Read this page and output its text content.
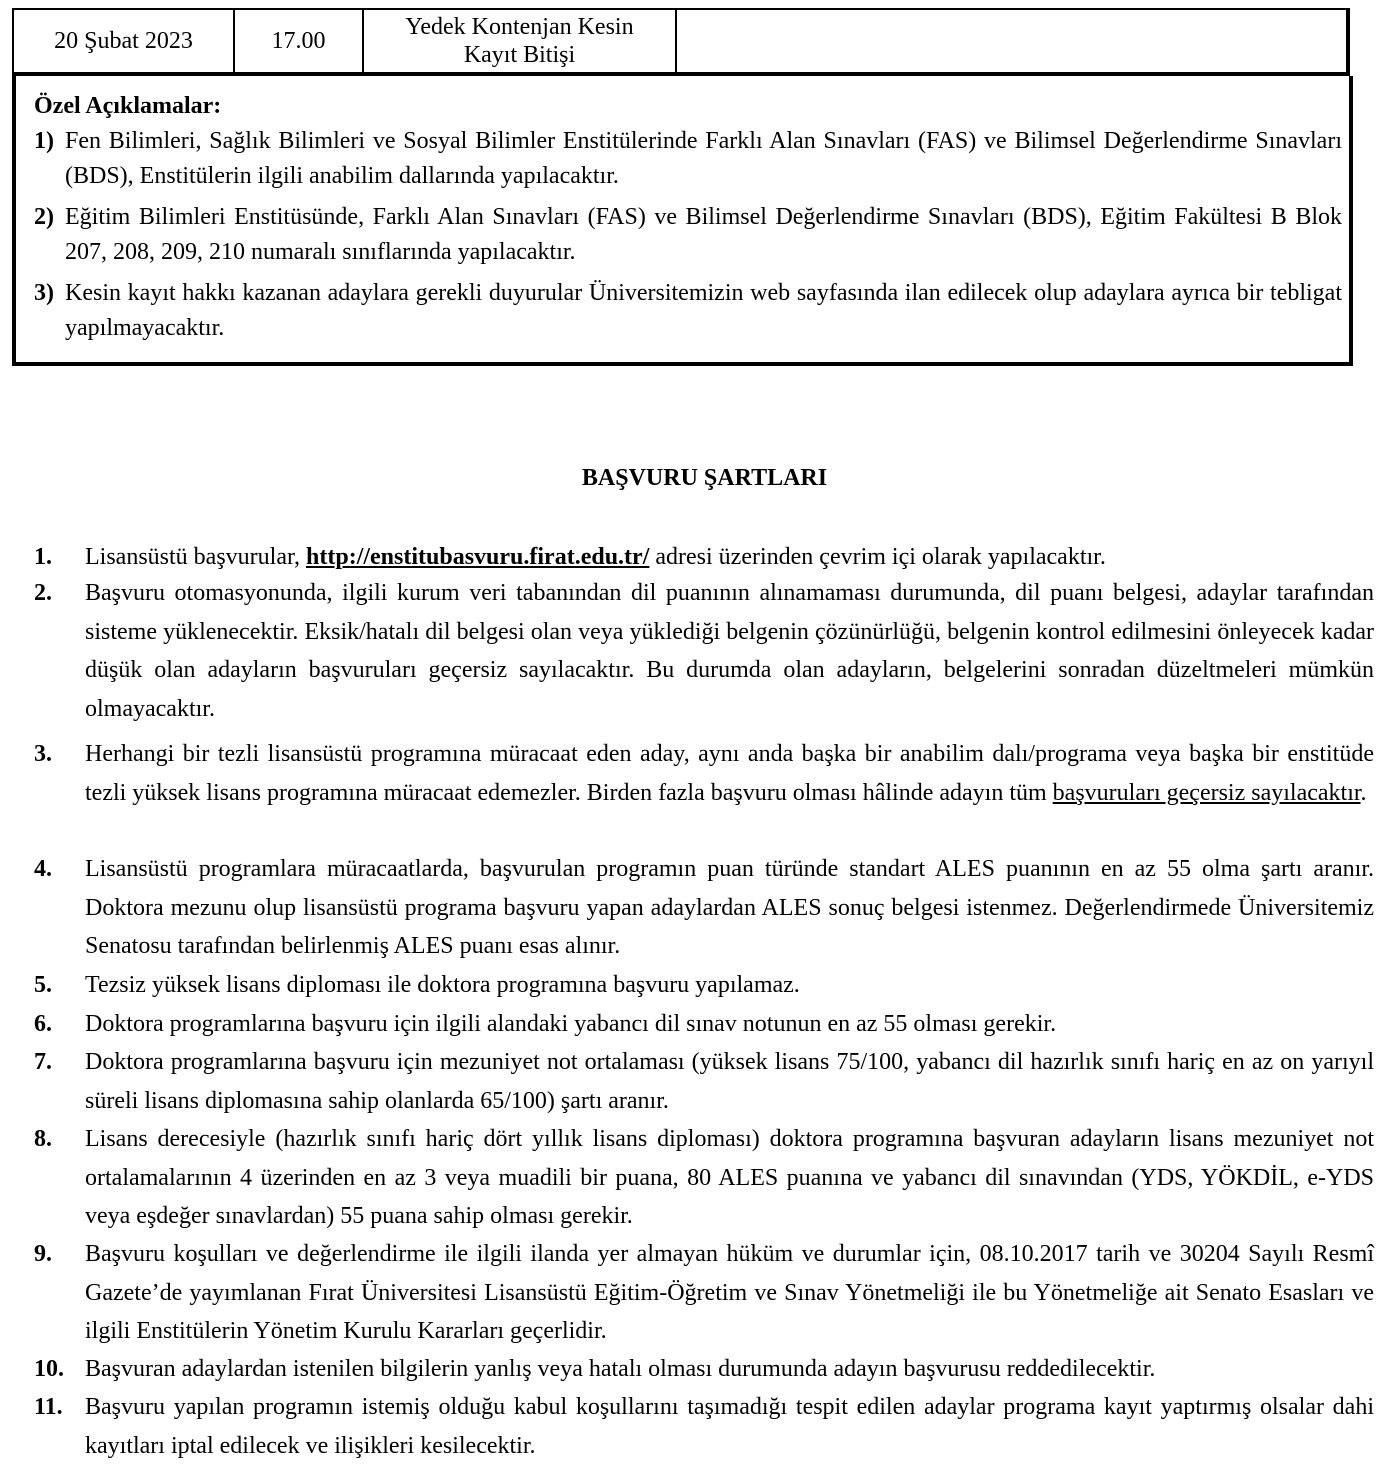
20 Şubat 2023	17.00
Yedek Kontenjan Kesin
Kayıt Bitişi

Özel Açıklamalar:

1) Fen Bilimleri, Sağlık Bilimleri ve Sosyal Bilimler Enstitülerinde Farklı Alan Sınavları (FAS) ve Bilimsel Değerlendirme Sınavları (BDS), Enstitülerin ilgili anabilim dallarında yapılacaktır.

2) Eğitim Bilimleri Enstitüsünde, Farklı Alan Sınavları (FAS) ve Bilimsel Değerlendirme Sınavları (BDS), Eğitim Fakültesi B Blok 207, 208, 209, 210 numaralı sınıflarında yapılacaktır.

3) Kesin kayıt hakkı kazanan adaylara gerekli duyurular Üniversitemizin web sayfasında ilan edilecek olup adaylara ayrıca bir tebligat yapılmayacaktır.

BAŞVURU ŞARTLARI
1. Lisansüstü başvurular, http://enstitubasvuru.firat.edu.tr/ adresi üzerinden çevrim içi olarak yapılacaktır.
2. Başvuru otomasyonunda, ilgili kurum veri tabanından dil puanının alınamaması durumunda, dil puanı belgesi, adaylar tarafından sisteme yüklenecektir. Eksik/hatalı dil belgesi olan veya yüklediği belgenin çözünürlüğü, belgenin kontrol edilmesini önleyecek kadar düşük olan adayların başvuruları geçersiz sayılacaktır. Bu durumda olan adayların, belgelerini sonradan düzeltmeleri mümkün olmayacaktır.
3. Herhangi bir tezli lisansüstü programına müracaat eden aday, aynı anda başka bir anabilim dalı/programa veya başka bir enstitüde tezli yüksek lisans programına müracaat edemezler. Birden fazla başvuru olması hâlinde adayın tüm başvuruları geçersiz sayılacaktır.
4. Lisansüstü programlara müracaatlarda, başvurulan programın puan türünde standart ALES puanının en az 55 olma şartı aranır. Doktora mezunu olup lisansüstü programa başvuru yapan adaylardan ALES sonuç belgesi istenmez. Değerlendirmede Üniversitemiz Senatosu tarafından belirlenmiş ALES puanı esas alınır.
5. Tezsiz yüksek lisans diploması ile doktora programına başvuru yapılamaz.
6. Doktora programlarına başvuru için ilgili alandaki yabancı dil sınav notunun en az 55 olması gerekir.
7. Doktora programlarına başvuru için mezuniyet not ortalaması (yüksek lisans 75/100, yabancı dil hazırlık sınıfı hariç en az on yarıyıl süreli lisans diplomasına sahip olanlarda 65/100) şartı aranır.
8. Lisans derecesiyle (hazırlık sınıfı hariç dört yıllık lisans diploması) doktora programına başvuran adayların lisans mezuniyet not ortalamalarının 4 üzerinden en az 3 veya muadili bir puana, 80 ALES puanına ve yabancı dil sınavından (YDS, YÖKDİL, e-YDS veya eşdeğer sınavlardan) 55 puana sahip olması gerekir.
9. Başvuru koşulları ve değerlendirme ile ilgili ilanda yer almayan hüküm ve durumlar için, 08.10.2017 tarih ve 30204 Sayılı Resmî Gazete’de yayımlanan Fırat Üniversitesi Lisansüstü Eğitim-Öğretim ve Sınav Yönetmeliği ile bu Yönetmeliğe ait Senato Esasları ve ilgili Enstitülerin Yönetim Kurulu Kararları geçerlidir.
10. Başvuran adaylardan istenilen bilgilerin yanlış veya hatalı olması durumunda adayın başvurusu reddedilecektir.
11. Başvuru yapılan programın istemiş olduğu kabul koşullarını taşımadığı tespit edilen adaylar programa kayıt yaptırmış olsalar dahi kayıtları iptal edilecek ve ilişikleri kesilecektir.
